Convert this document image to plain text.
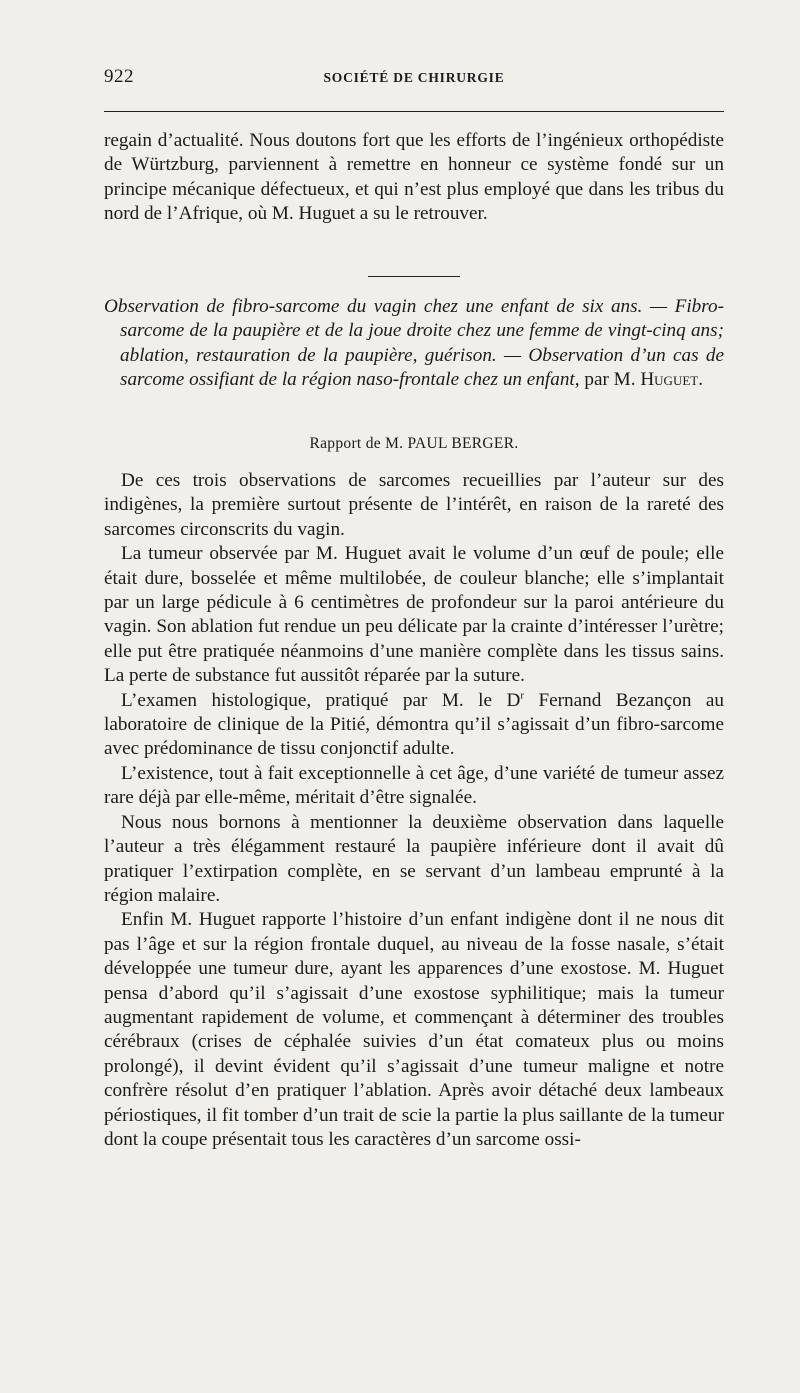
922	SOCIÉTÉ DE CHIRURGIE

regain d’actualité. Nous doutons fort que les efforts de l’ingénieux orthopédiste de Würtzburg, parviennent à remettre en honneur ce système fondé sur un principe mécanique défectueux, et qui n’est plus employé que dans les tribus du nord de l’Afrique, où M. Huguet a su le retrouver.

Observation de fibro-sarcome du vagin chez une enfant de six ans. — Fibro-sarcome de la paupière et de la joue droite chez une femme de vingt-cinq ans; ablation, restauration de la paupière, guérison. — Observation d’un cas de sarcome ossifiant de la région naso-frontale chez un enfant, par M. Huguet.
Rapport de M. PAUL BERGER.

De ces trois observations de sarcomes recueillies par l’auteur sur des indigènes, la première surtout présente de l’intérêt, en raison de la rareté des sarcomes circonscrits du vagin.

La tumeur observée par M. Huguet avait le volume d’un œuf de poule; elle était dure, bosselée et même multilobée, de couleur blanche; elle s’implantait par un large pédicule à 6 centimètres de profondeur sur la paroi antérieure du vagin. Son ablation fut rendue un peu délicate par la crainte d’intéresser l’urètre; elle put être pratiquée néanmoins d’une manière complète dans les tissus sains. La perte de substance fut aussitôt réparée par la suture.

L’examen histologique, pratiqué par M. le $D^r$ Fernand Bezançon au laboratoire de clinique de la Pitié, démontra qu’il s’agissait d’un fibro-sarcome avec prédominance de tissu conjonctif adulte.

L’existence, tout à fait exceptionnelle à cet âge, d’une variété de tumeur assez rare déjà par elle-même, méritait d’être signalée.

Nous nous bornons à mentionner la deuxième observation dans laquelle l’auteur a très élégamment restauré la paupière inférieure dont il avait dû pratiquer l’extirpation complète, en se servant d’un lambeau emprunté à la région malaire.

Enfin M. Huguet rapporte l’histoire d’un enfant indigène dont il ne nous dit pas l’âge et sur la région frontale duquel, au niveau de la fosse nasale, s’était développée une tumeur dure, ayant les apparences d’une exostose. M. Huguet pensa d’abord qu’il s’agissait d’une exostose syphilitique; mais la tumeur augmentant rapidement de volume, et commençant à déterminer des troubles cérébraux (crises de céphalée suivies d’un état comateux plus ou moins prolongé), il devint évident qu’il s’agissait d’une tumeur maligne et notre confrère résolut d’en pratiquer l’ablation. Après avoir détaché deux lambeaux périostiques, il fit tomber d’un trait de scie la partie la plus saillante de la tumeur dont la coupe présentait tous les caractères d’un sarcome ossi-
